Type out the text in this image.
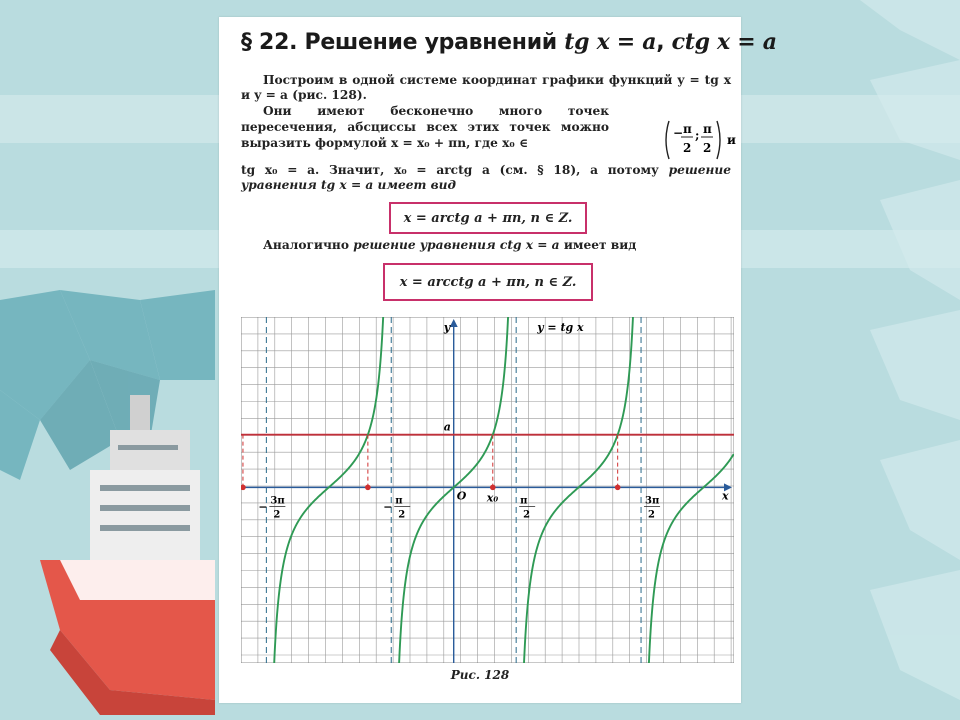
§ 22. Решение уравнений tg x = a, ctg x = a
Построим в одной системе координат графики функций y = tg x и y = a (рис. 128).
Они имеют бесконечно много точек пересечения, абсциссы всех этих точек можно выразить формулой x = x₀ + πn, где x₀ ∈
− π
2
; π
2
и
tg x₀ = a. Значит, x₀ = arctg a (см. § 18), а потому решение уравнения tg x = a имеет вид
x = arctg a + πn, n ∈ Z.
Аналогично решение уравнения ctg x = a имеет вид
x = arcctg a + πn, n ∈ Z.
y
x
O
a
x₀
y = tg x
− 3π
2
− π
2
π
2
3π
2
Рис. 128
